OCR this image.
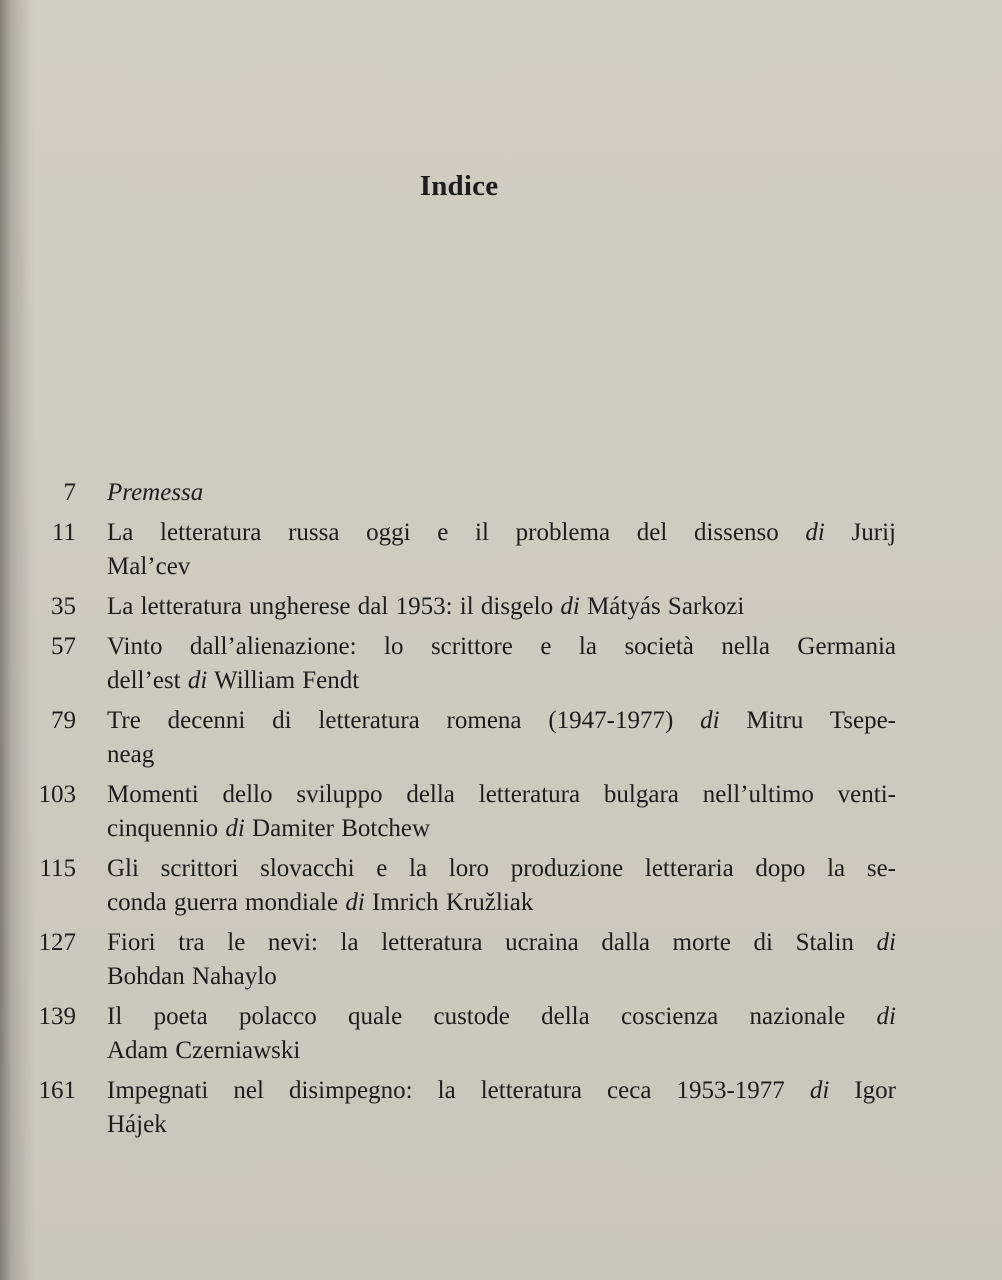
Indice
7 Premessa
11 La letteratura russa oggi e il problema del dissenso di Jurij
Mal’cev
35 La letteratura ungherese dal 1953: il disgelo di Mátyás Sarkozi
57 Vinto dall’alienazione: lo scrittore e la società nella Germania
dell’est di William Fendt
79 Tre decenni di letteratura romena (1947-1977) di Mitru Tsepe-
neag
103 Momenti dello sviluppo della letteratura bulgara nell’ultimo venti-
cinquennio di Damiter Botchew
115 Gli scrittori slovacchi e la loro produzione letteraria dopo la se-
conda guerra mondiale di Imrich Kružliak
127 Fiori tra le nevi: la letteratura ucraina dalla morte di Stalin di
Bohdan Nahaylo
139 Il poeta polacco quale custode della coscienza nazionale di
Adam Czerniawski
161 Impegnati nel disimpegno: la letteratura ceca 1953-1977 di Igor
Hájek
